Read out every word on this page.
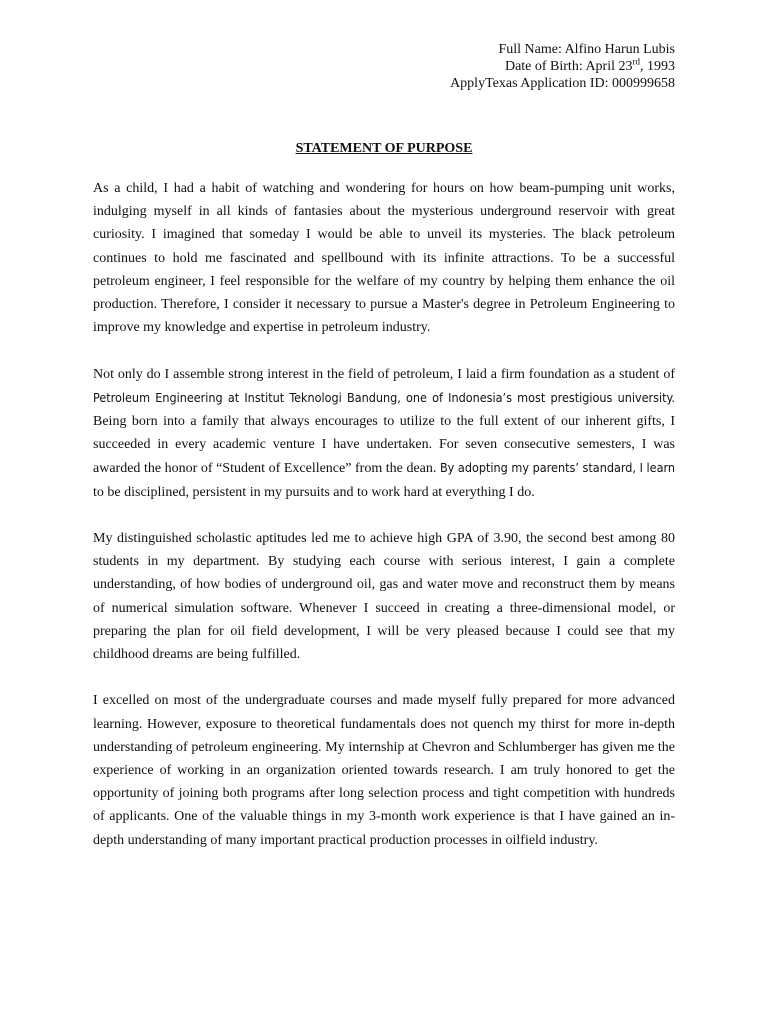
Full Name: Alfino Harun Lubis
Date of Birth: April 23rd, 1993
ApplyTexas Application ID: 000999658
STATEMENT OF PURPOSE

As a child, I had a habit of watching and wondering for hours on how beam-pumping unit works, indulging myself in all kinds of fantasies about the mysterious underground reservoir with great curiosity. I imagined that someday I would be able to unveil its mysteries. The black petroleum continues to hold me fascinated and spellbound with its infinite attractions. To be a successful petroleum engineer, I feel responsible for the welfare of my country by helping them enhance the oil production. Therefore, I consider it necessary to pursue a Master's degree in Petroleum Engineering to improve my knowledge and expertise in petroleum industry.

Not only do I assemble strong interest in the field of petroleum, I laid a firm foundation as a student of Petroleum Engineering at Institut Teknologi Bandung, one of Indonesia’s most prestigious university. Being born into a family that always encourages to utilize to the full extent of our inherent gifts, I succeeded in every academic venture I have undertaken. For seven consecutive semesters, I was awarded the honor of “Student of Excellence” from the dean. By adopting my parents’ standard, I learn to be disciplined, persistent in my pursuits and to work hard at everything I do.

My distinguished scholastic aptitudes led me to achieve high GPA of 3.90, the second best among 80 students in my department. By studying each course with serious interest, I gain a complete understanding, of how bodies of underground oil, gas and water move and reconstruct them by means of numerical simulation software. Whenever I succeed in creating a three-dimensional model, or preparing the plan for oil field development, I will be very pleased because I could see that my childhood dreams are being fulfilled.

I excelled on most of the undergraduate courses and made myself fully prepared for more advanced learning. However, exposure to theoretical fundamentals does not quench my thirst for more in-depth understanding of petroleum engineering. My internship at Chevron and Schlumberger has given me the experience of working in an organization oriented towards research. I am truly honored to get the opportunity of joining both programs after long selection process and tight competition with hundreds of applicants. One of the valuable things in my 3-month work experience is that I have gained an in-depth understanding of many important practical production processes in oilfield industry.
